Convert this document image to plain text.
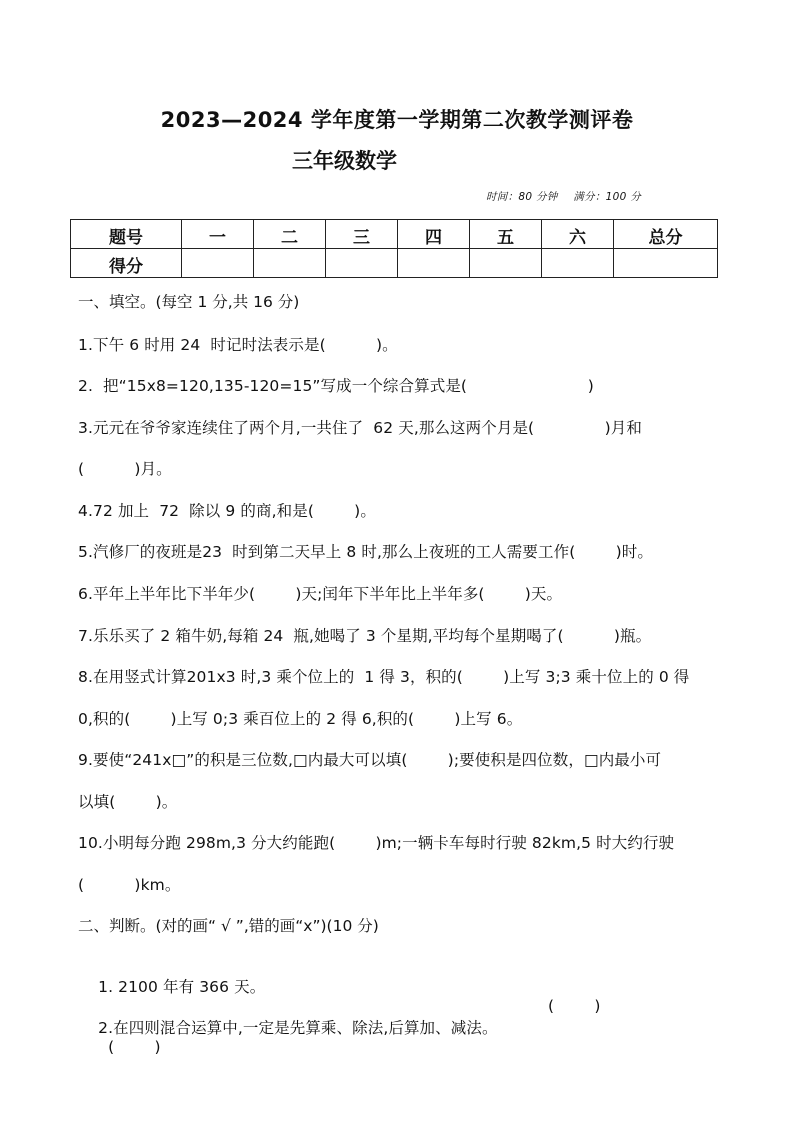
2023—2024 学年度第一学期第二次教学测评卷
三年级数学
时间：80 分钟 满分：100 分
题号	一	二	三	四	五	六	总分
得分							
一、填空。(每空 1 分,共 16 分)
1.下午 6 时用 24  时记时法表示是(          )。
2.  把“15x8=120,135-120=15”写成一个综合算式是(                        )
3.元元在爷爷家连续住了两个月,一共住了  62 天,那么这两个月是(              )月和
(          )月。
4.72 加上  72  除以 9 的商,和是(        )。
5.汽修厂的夜班是23  时到第二天早上 8 时,那么上夜班的工人需要工作(        )时。
6.平年上半年比下半年少(        )天;闰年下半年比上半年多(        )天。
7.乐乐买了 2 箱牛奶,每箱 24  瓶,她喝了 3 个星期,平均每个星期喝了(          )瓶。
8.在用竖式计算201x3 时,3 乘个位上的  1 得 3，积的(        )上写 3;3 乘十位上的 0 得
0,积的(        )上写 0;3 乘百位上的 2 得 6,积的(        )上写 6。
9.要使“241x□”的积是三位数,□内最大可以填(        );要使积是四位数，□内最小可
以填(        )。
10.小明每分跑 298m,3 分大约能跑(        )m;一辆卡车每时行驶 82km,5 时大约行驶
(          )km。
二、判断。(对的画“ √ ”,错的画“x”)(10 分)

1. 2100 年有 366 天。

(        )

2.在四则混合运算中,一定是先算乘、除法,后算加、减法。
(        )
